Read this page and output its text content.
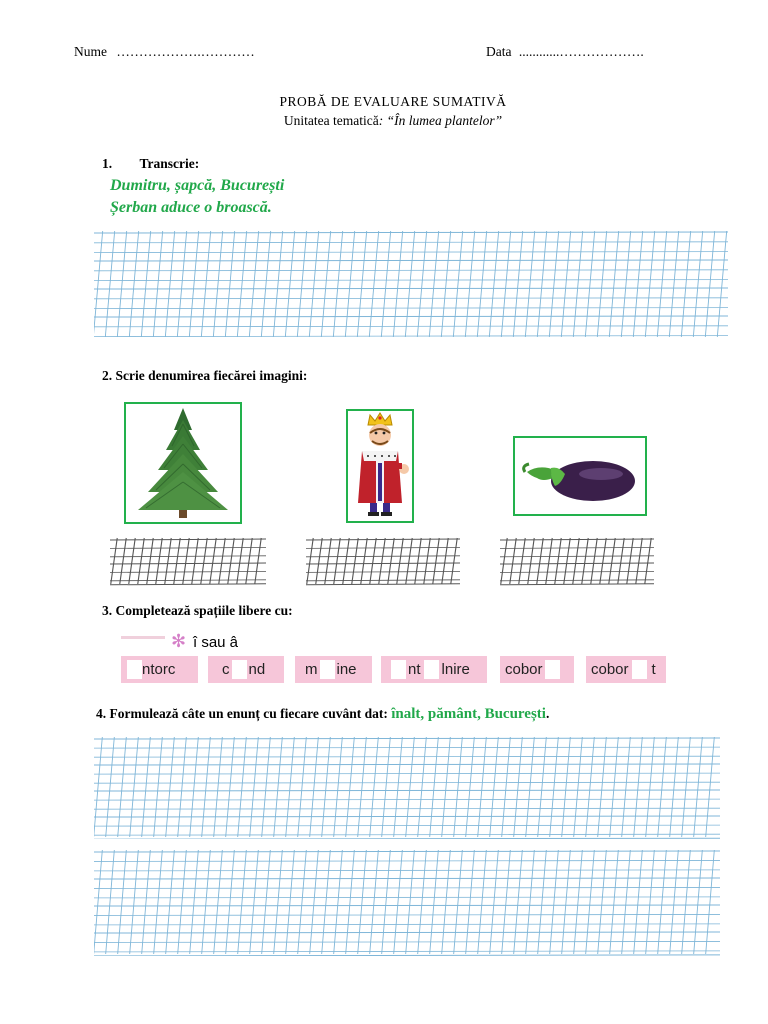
Nume ……………….…………	Data ............……………….
PROBĂ DE EVALUARE SUMATIVĂ
Unitatea tematică: “În lumea plantelor”
1. Transcrie:
Dumitru, șapcă, București
Șerban aduce o broască.
2. Scrie denumirea fiecărei imagini:
3. Completează spațiile libere cu:
✻ î sau â
ntorc	c nd	m ine	nt lnire cobor	cobor t
4. Formulează câte un enunț cu fiecare cuvânt dat: înalt, pământ, București.
